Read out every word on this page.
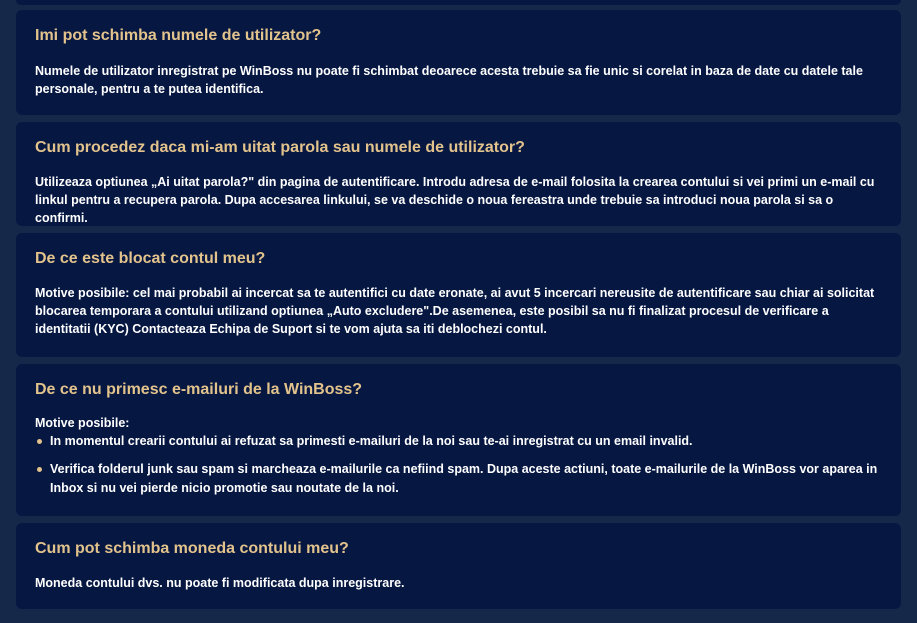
Imi pot schimba numele de utilizator?

Numele de utilizator inregistrat pe WinBoss nu poate fi schimbat deoarece acesta trebuie sa fie unic si corelat in baza de date cu datele tale personale, pentru a te putea identifica.

Cum procedez daca mi-am uitat parola sau numele de utilizator?

Utilizeaza optiunea „Ai uitat parola?" din pagina de autentificare. Introdu adresa de e-mail folosita la crearea contului si vei primi un e-mail cu linkul pentru a recupera parola. Dupa accesarea linkului, se va deschide o noua fereastra unde trebuie sa introduci noua parola si sa o confirmi.

De ce este blocat contul meu?

Motive posibile: cel mai probabil ai incercat sa te autentifici cu date eronate, ai avut 5 incercari nereusite de autentificare sau chiar ai solicitat blocarea temporara a contului utilizand optiunea „Auto excludere".De asemenea, este posibil sa nu fi finalizat procesul de verificare a identitatii (KYC) Contacteaza Echipa de Suport si te vom ajuta sa iti deblochezi contul.

De ce nu primesc e-mailuri de la WinBoss?

Motive posibile:

In momentul crearii contului ai refuzat sa primesti e-mailuri de la noi sau te-ai inregistrat cu un email invalid.
Verifica folderul junk sau spam si marcheaza e-mailurile ca nefiind spam. Dupa aceste actiuni, toate e-mailurile de la WinBoss vor aparea in Inbox si nu vei pierde nicio promotie sau noutate de la noi.
Cum pot schimba moneda contului meu?

Moneda contului dvs. nu poate fi modificata dupa inregistrare.
